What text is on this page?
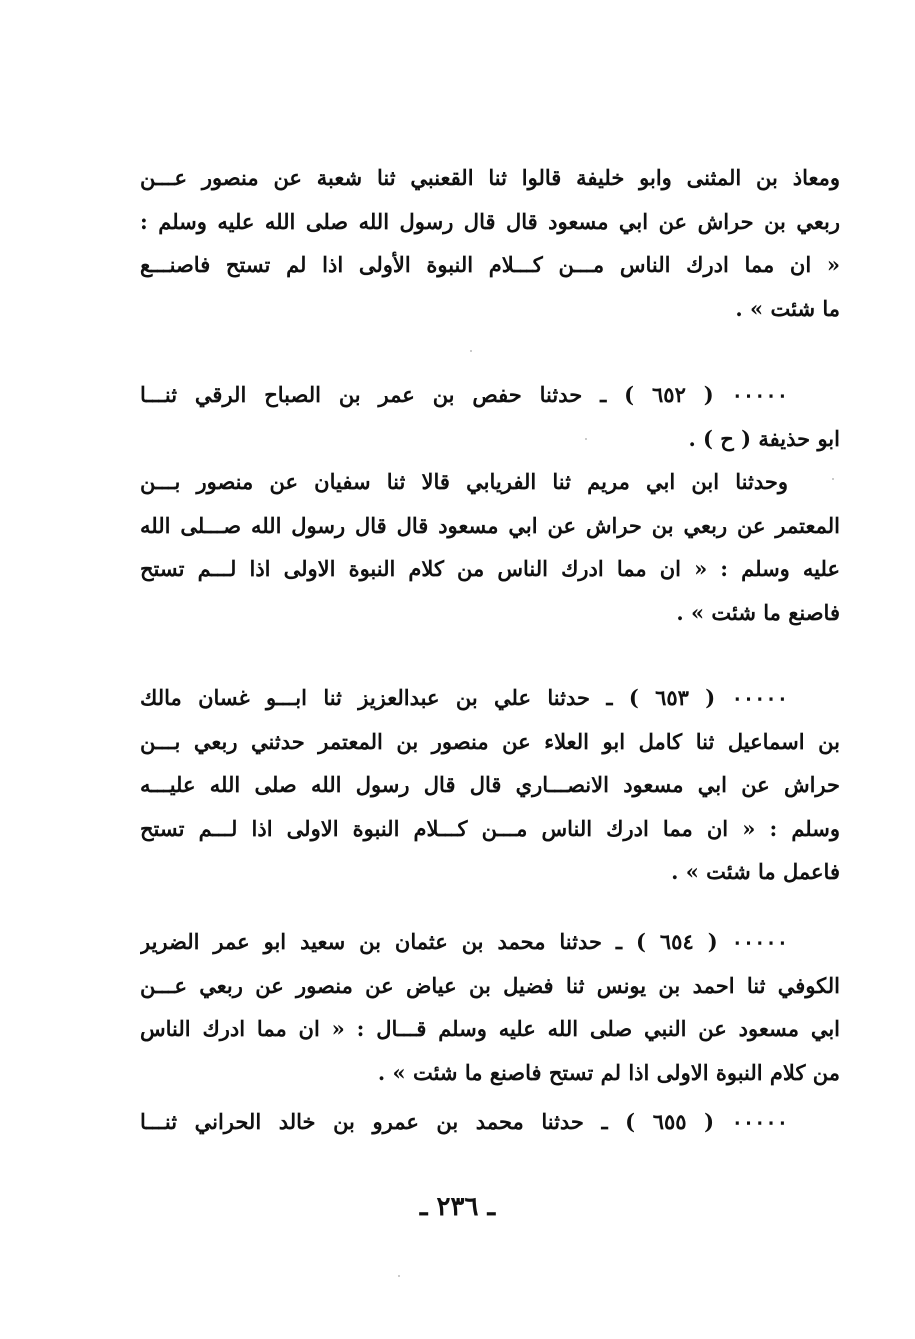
ومعاذ بن المثنى وابو خليفة قالوا ثنا القعنبي ثنا شعبة عن منصور عـــن
ربعي بن حراش عن ابي مسعود قال قال رسول الله صلى الله عليه وسلم :
« ان مما ادرك الناس مـــن كـــلام النبوة الأولى اذا لم تستح فاصنـــع
ما شئت » .
٠٠٠٠٠ ( ٦٥٢ ) ـ حدثنا حفص بن عمر بن الصباح الرقي ثنـــا
ابو حذيفة ( ح ) .
وحدثنا ابن ابي مريم ثنا الفريابي قالا ثنا سفيان عن منصور بـــن
المعتمر عن ربعي بن حراش عن ابي مسعود قال قال رسول الله صـــلى الله
عليه وسلم : « ان مما ادرك الناس من كلام النبوة الاولى اذا لـــم تستح
فاصنع ما شئت » .
٠٠٠٠٠ ( ٦٥٣ ) ـ حدثنا علي بن عبدالعزيز ثنا ابـــو غسان مالك
بن اسماعيل ثنا كامل ابو العلاء عن منصور بن المعتمر حدثني ربعي بـــن
حراش عن ابي مسعود الانصـــاري قال قال رسول الله صلى الله عليـــه
وسلم : « ان مما ادرك الناس مـــن كـــلام النبوة الاولى اذا لـــم تستح
فاعمل ما شئت » .
٠٠٠٠٠ ( ٦٥٤ ) ـ حدثنا محمد بن عثمان بن سعيد ابو عمر الضرير
الكوفي ثنا احمد بن يونس ثنا فضيل بن عياض عن منصور عن ربعي عـــن
ابي مسعود عن النبي صلى الله عليه وسلم قـــال : « ان مما ادرك الناس
من كلام النبوة الاولى اذا لم تستح فاصنع ما شئت » .
٠٠٠٠٠ ( ٦٥٥ ) ـ حدثنا محمد بن عمرو بن خالد الحراني ثنـــا
ـ ٢٣٦ ـ
